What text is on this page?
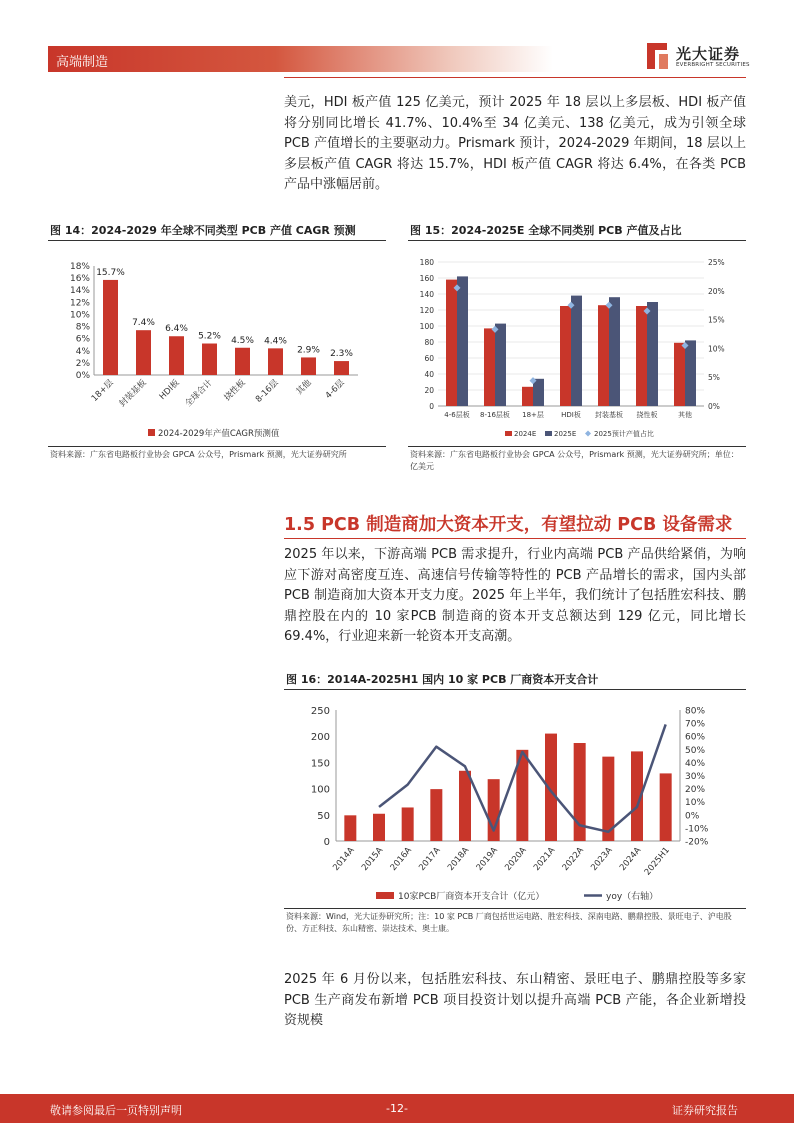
高端制造	光大证券
EVERBRIGHT SECURITIES
美元，HDI 板产值 125 亿美元，预计 2025 年 18 层以上多层板、HDI 板产值将分别同比增长 41.7%、10.4%至 34 亿美元、138 亿美元，成为引领全球 PCB 产值增长的主要驱动力。Prismark 预计，2024-2029 年期间，18 层以上多层板产值 CAGR 将达 15.7%，HDI 板产值 CAGR 将达 6.4%，在各类 PCB 产品中涨幅居前。
图 14：2024-2029 年全球不同类型 PCB 产值 CAGR 预测
0%
2%
4%
6%
8%
10%
12%
14%
16%
18%
15.7%
18+层
7.4%
封装基板
6.4%
HDI板
5.2%
全球合计
4.5%
挠性板
4.4%
8-16层
2.9%
其他
2.3%
4-6层
2024-2029年产值CAGR预测值
资料来源：广东省电路板行业协会 GPCA 公众号，Prismark 预测，光大证券研究所
图 15：2024-2025E 全球不同类别 PCB 产值及占比
0
20
40
60
80
100
120
140
160
180
0%
5%
10%
15%
20%
25%
4-6层板 8-16层板 18+层 HDI板 封装基板 挠性板	其他
2024E	2025E	2025预计产值占比
资料来源：广东省电路板行业协会 GPCA 公众号，Prismark 预测，光大证券研究所；单位：亿美元
1.5 PCB 制造商加大资本开支，有望拉动 PCB 设备需求
2025 年以来，下游高端 PCB 需求提升，行业内高端 PCB 产品供给紧俏，为响应下游对高密度互连、高速信号传输等特性的 PCB 产品增长的需求，国内头部 PCB 制造商加大资本开支力度。2025 年上半年，我们统计了包括胜宏科技、鹏鼎控股在内的 10 家PCB 制造商的资本开支总额达到 129 亿元，同比增长 69.4%，行业迎来新一轮资本开支高潮。
图 16：2014A-2025H1 国内 10 家 PCB 厂商资本开支合计
0
50
100
150
200
250
-20%
-10%
0%
10%
20%
30%
40%
50%
60%
70%
80%
2014A 2015A 2016A 2017A 2018A 2019A 2020A 2021A 2022A 2023A 2024A 2025H1
10家PCB厂商资本开支合计（亿元）	yoy（右轴）
资料来源：Wind，光大证券研究所；注：10 家 PCB 厂商包括世运电路、胜宏科技、深南电路、鹏鼎控股、景旺电子、沪电股份、方正科技、东山精密、崇达技术、奥士康。
2025 年 6 月份以来，包括胜宏科技、东山精密、景旺电子、鹏鼎控股等多家 PCB 生产商发布新增 PCB 项目投资计划以提升高端 PCB 产能，各企业新增投资规模
敬请参阅最后一页特别声明	-12-	证券研究报告
